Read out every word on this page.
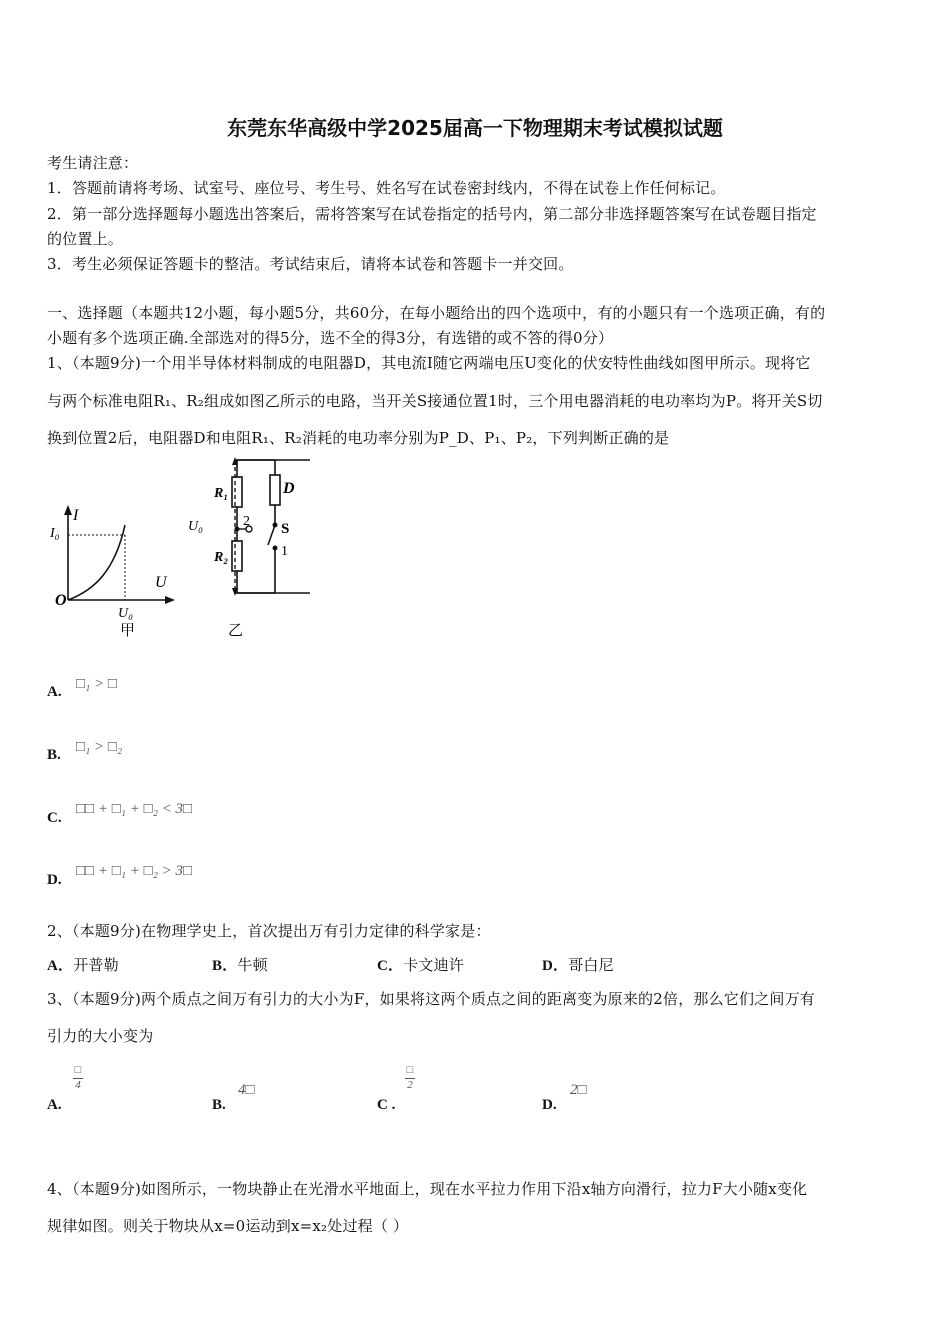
东莞东华高级中学2025届高一下物理期末考试模拟试题
考生请注意：
1．答题前请将考场、试室号、座位号、考生号、姓名写在试卷密封线内，不得在试卷上作任何标记。
2．第一部分选择题每小题选出答案后，需将答案写在试卷指定的括号内，第二部分非选择题答案写在试卷题目指定
的位置上。
3．考生必须保证答题卡的整洁。考试结束后，请将本试卷和答题卡一并交回。
一、选择题（本题共12小题，每小题5分，共60分，在每小题给出的四个选项中，有的小题只有一个选项正确，有的
小题有多个选项正确.全部选对的得5分，选不全的得3分，有选错的或不答的得0分）
1、（本题9分)一个用半导体材料制成的电阻器D，其电流I随它两端电压U变化的伏安特性曲线如图甲所示。现将它
与两个标准电阻R₁、R₂组成如图乙所示的电路，当开关S接通位置1时，三个用电器消耗的电功率均为P。将开关S切
换到位置2后，电阻器D和电阻R₁、R₂消耗的电功率分别为P_D、P₁、P₂，下列判断正确的是
I
U
I₀
U₀
O
甲
U₀
R₁
R₂
2
D
S
1
乙
A. □₁ > □
B. □₁ > □₂
C.
□□ + □₁ + □₂ < 3□
D.
□□ + □₁ + □₂ > 3□
2、（本题9分)在物理学史上，首次提出万有引力定律的科学家是：
A．开普勒	B．牛顿	C．卡文迪许	D．哥白尼
3、（本题9分)两个质点之间万有引力的大小为F，如果将这两个质点之间的距离变为原来的2倍，那么它们之间万有
引力的大小变为
A.
□
4
B.
4□
C .
□
2
D.
2□
4、（本题9分)如图所示，一物块静止在光滑水平地面上，现在水平拉力作用下沿x轴方向滑行，拉力F大小随x变化
规律如图。则关于物块从x=0运动到x=x₂处过程（ ）
